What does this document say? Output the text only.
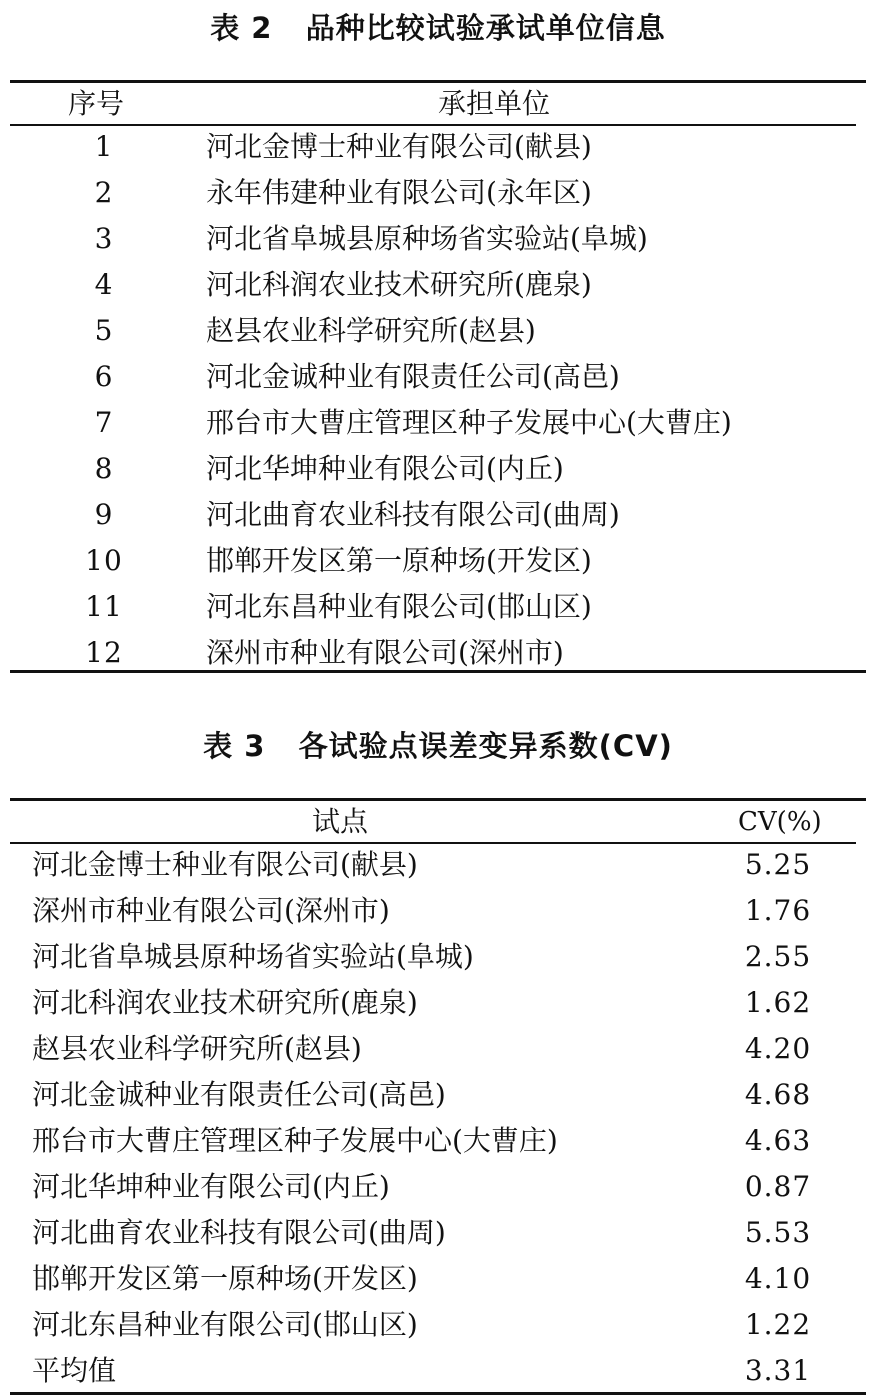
表 2   品种比较试验承试单位信息
序号	承担单位
1	河北金博士种业有限公司(献县)
2	永年伟建种业有限公司(永年区)
3	河北省阜城县原种场省实验站(阜城)
4	河北科润农业技术研究所(鹿泉)
5	赵县农业科学研究所(赵县)
6	河北金诚种业有限责任公司(高邑)
7	邢台市大曹庄管理区种子发展中心(大曹庄)
8	河北华坤种业有限公司(内丘)
9	河北曲育农业科技有限公司(曲周)
10	邯郸开发区第一原种场(开发区)
11	河北东昌种业有限公司(邯山区)
12	深州市种业有限公司(深州市)
表 3   各试验点误差变异系数(CV)
试点	CV(%)
河北金博士种业有限公司(献县)	5.25
深州市种业有限公司(深州市)	1.76
河北省阜城县原种场省实验站(阜城)	2.55
河北科润农业技术研究所(鹿泉)	1.62
赵县农业科学研究所(赵县)	4.20
河北金诚种业有限责任公司(高邑)	4.68
邢台市大曹庄管理区种子发展中心(大曹庄)	4.63
河北华坤种业有限公司(内丘)	0.87
河北曲育农业科技有限公司(曲周)	5.53
邯郸开发区第一原种场(开发区)	4.10
河北东昌种业有限公司(邯山区)	1.22
平均值	3.31
